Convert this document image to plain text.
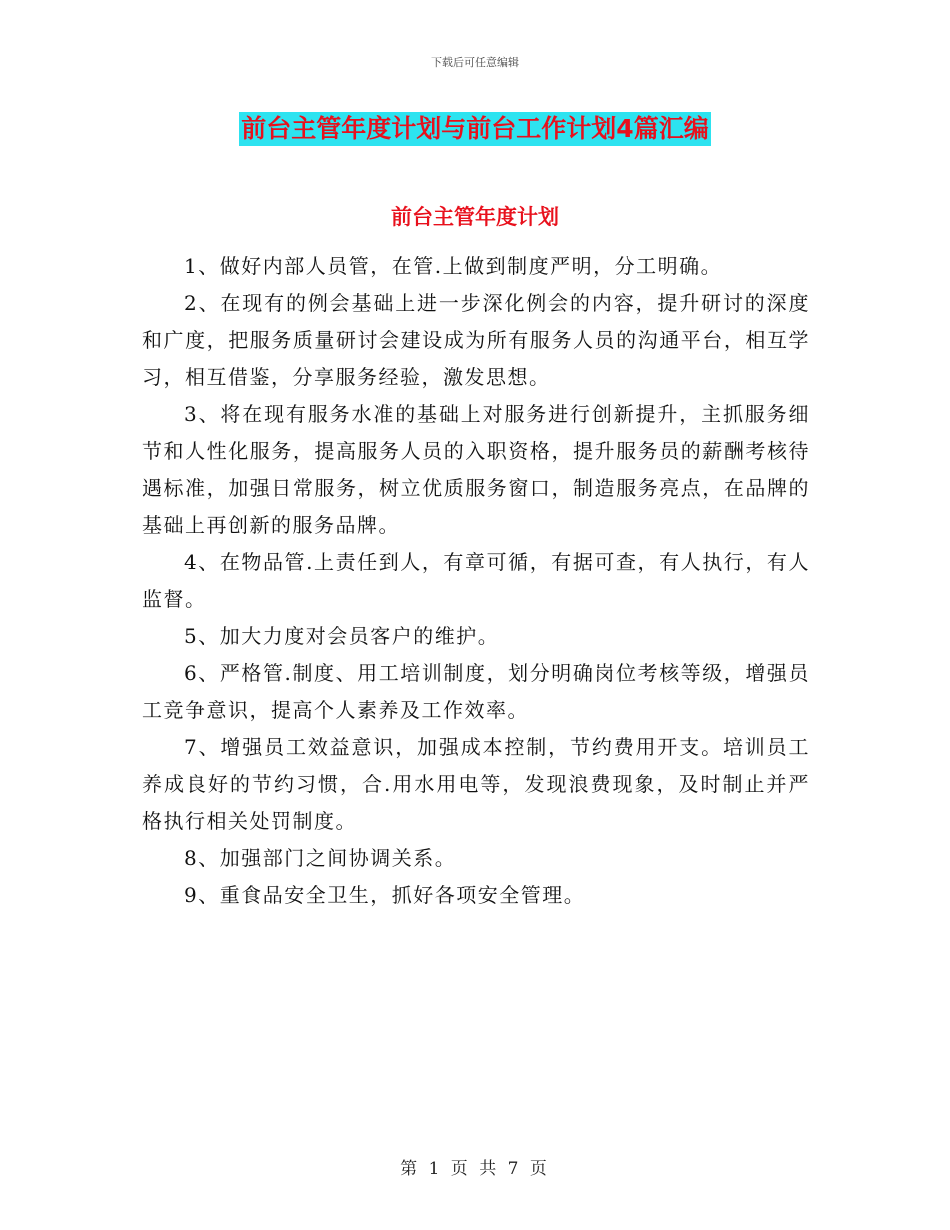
下载后可任意编辑
前台主管年度计划与前台工作计划4篇汇编
前台主管年度计划

1、做好内部人员管，在管.上做到制度严明，分工明确。

2、在现有的例会基础上进一步深化例会的内容，提升研讨的深度和广度，把服务质量研讨会建设成为所有服务人员的沟通平台，相互学习，相互借鉴，分享服务经验，激发思想。

3、将在现有服务水准的基础上对服务进行创新提升，主抓服务细节和人性化服务，提高服务人员的入职资格，提升服务员的薪酬考核待遇标准，加强日常服务，树立优质服务窗口，制造服务亮点，在品牌的基础上再创新的服务品牌。

4、在物品管.上责任到人，有章可循，有据可查，有人执行，有人监督。

5、加大力度对会员客户的维护。

6、严格管.制度、用工培训制度，划分明确岗位考核等级，增强员工竞争意识，提高个人素养及工作效率。

7、增强员工效益意识，加强成本控制，节约费用开支。培训员工养成良好的节约习惯，合.用水用电等，发现浪费现象，及时制止并严格执行相关处罚制度。

8、加强部门之间协调关系。

9、重食品安全卫生，抓好各项安全管理。

第 1 页 共 7 页
